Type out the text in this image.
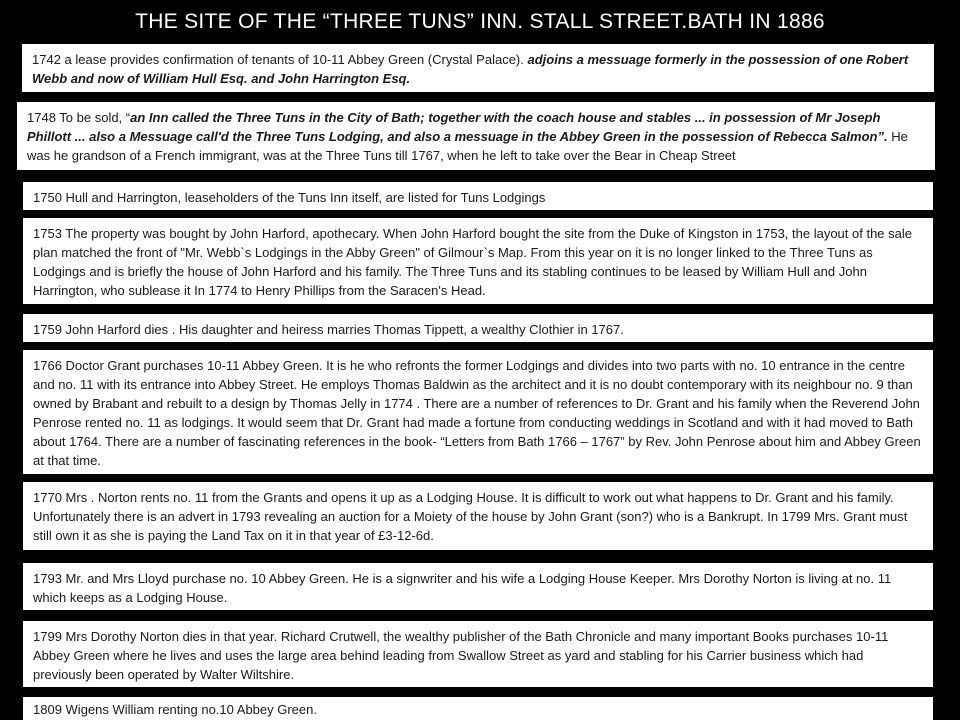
THE SITE OF THE “THREE TUNS” INN. STALL STREET.BATH IN 1886
1742 a lease provides confirmation of tenants of 10-11 Abbey Green (Crystal Palace). adjoins a messuage formerly in the possession of one Robert Webb and now of William Hull Esq. and John Harrington Esq.
1748 To be sold, “an Inn called the Three Tuns in the City of Bath; together with the coach house and stables ... in possession of Mr Joseph Phillott ... also a Messuage call'd the Three Tuns Lodging, and also a messuage in the Abbey Green in the possession of Rebecca Salmon”. He was he grandson of a French immigrant, was at the Three Tuns till 1767, when he left to take over the Bear in Cheap Street
1750 Hull and Harrington, leaseholders of the Tuns Inn itself, are listed for Tuns Lodgings
1753 The property was bought by John Harford, apothecary. When John Harford bought the site from the Duke of Kingston in 1753, the layout of the sale plan matched the front of "Mr. Webb`s Lodgings in the Abby Green" of Gilmour`s Map. From this year on it is no longer linked to the Three Tuns as Lodgings and is briefly the house of John Harford and his family. The Three Tuns and its stabling continues to be leased by William Hull and John Harrington, who sublease it In 1774 to Henry Phillips from the Saracen's Head.
1759 John Harford dies . His daughter and heiress marries Thomas Tippett, a wealthy Clothier in 1767.
1766 Doctor Grant purchases 10-11 Abbey Green. It is he who refronts the former Lodgings and divides into two parts with no. 10 entrance in the centre and no. 11 with its entrance into Abbey Street. He employs Thomas Baldwin as the architect and it is no doubt contemporary with its neighbour no. 9 than owned by Brabant and rebuilt to a design by Thomas Jelly in 1774 . There are a number of references to Dr. Grant and his family when the Reverend John Penrose rented no. 11 as lodgings. It would seem that Dr. Grant had made a fortune from conducting weddings in Scotland and with it had moved to Bath about 1764. There are a number of fascinating references in the book- “Letters from Bath 1766 – 1767” by Rev. John Penrose about him and Abbey Green at that time.
1770 Mrs . Norton rents no. 11 from the Grants and opens it up as a Lodging House. It is difficult to work out what happens to Dr. Grant and his family. Unfortunately there is an advert in 1793 revealing an auction for a Moiety of the house by John Grant (son?) who is a Bankrupt. In 1799 Mrs. Grant must still own it as she is paying the Land Tax on it in that year of £3-12-6d.
1793 Mr. and Mrs Lloyd purchase no. 10 Abbey Green. He is a signwriter and his wife a Lodging House Keeper. Mrs Dorothy Norton is living at no. 11 which keeps as a Lodging House.
1799 Mrs Dorothy Norton dies in that year. Richard Crutwell, the wealthy publisher of the Bath Chronicle and many important Books purchases 10-11 Abbey Green where he lives and uses the large area behind leading from Swallow Street as yard and stabling for his Carrier business which had previously been operated by Walter Wiltshire.
1809 Wigens William renting no.10 Abbey Green.
